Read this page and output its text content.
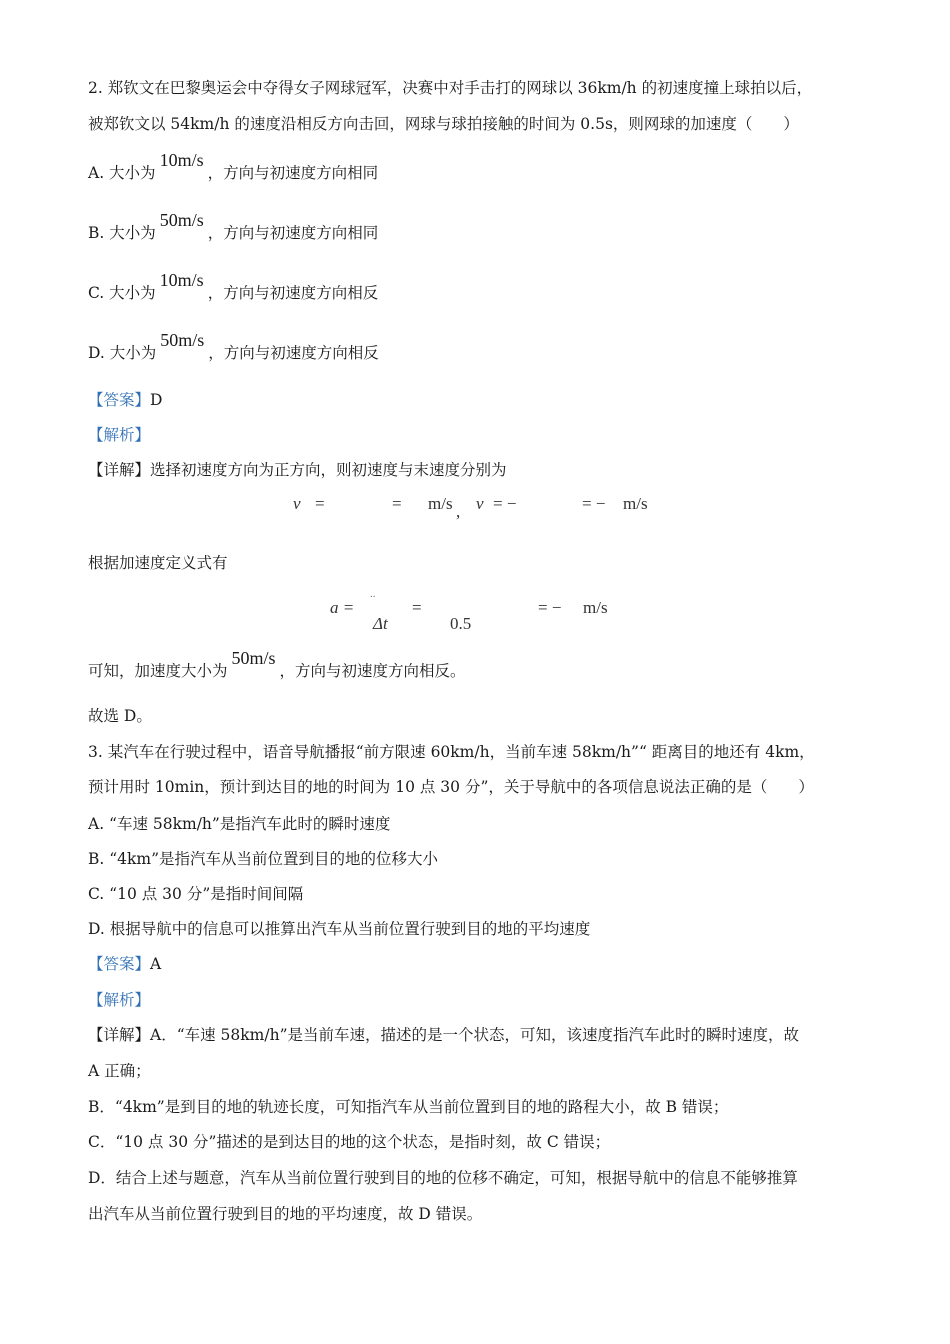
2. 郑钦文在巴黎奥运会中夺得女子网球冠军，决赛中对手击打的网球以 36km/h 的初速度撞上球拍以后，
被郑钦文以 54km/h 的速度沿相反方向击回，网球与球拍接触的时间为 0.5s，则网球的加速度（　　）
A. 大小为10m/s，方向与初速度方向相同
B. 大小为50m/s，方向与初速度方向相同
C. 大小为10m/s，方向与初速度方向相反
D. 大小为50m/s，方向与初速度方向相反
【答案】D
【解析】
【详解】选择初速度方向为正方向，则初速度与末速度分别为
v =	= m/s , v = −	= − m/s
根据加速度定义式有
a =
..
Δt
=
0.5
= − m/s
可知，加速度大小为50m/s，方向与初速度方向相反。
故选 D。
3. 某汽车在行驶过程中，语音导航播报“前方限速 60km/h，当前车速 58km/h”“ 距离目的地还有 4km，
预计用时 10min，预计到达目的地的时间为 10 点 30 分”，关于导航中的各项信息说法正确的是（　　）
A. “车速 58km/h”是指汽车此时的瞬时速度
B. “4km”是指汽车从当前位置到目的地的位移大小
C. “10 点 30 分”是指时间间隔
D. 根据导航中的信息可以推算出汽车从当前位置行驶到目的地的平均速度
【答案】A
【解析】
【详解】A．“车速 58km/h”是当前车速，描述的是一个状态，可知，该速度指汽车此时的瞬时速度，故
A 正确；
B．“4km”是到目的地的轨迹长度，可知指汽车从当前位置到目的地的路程大小，故 B 错误；
C．“10 点 30 分”描述的是到达目的地的这个状态，是指时刻，故 C 错误；
D．结合上述与题意，汽车从当前位置行驶到目的地的位移不确定，可知，根据导航中的信息不能够推算
出汽车从当前位置行驶到目的地的平均速度，故 D 错误。
